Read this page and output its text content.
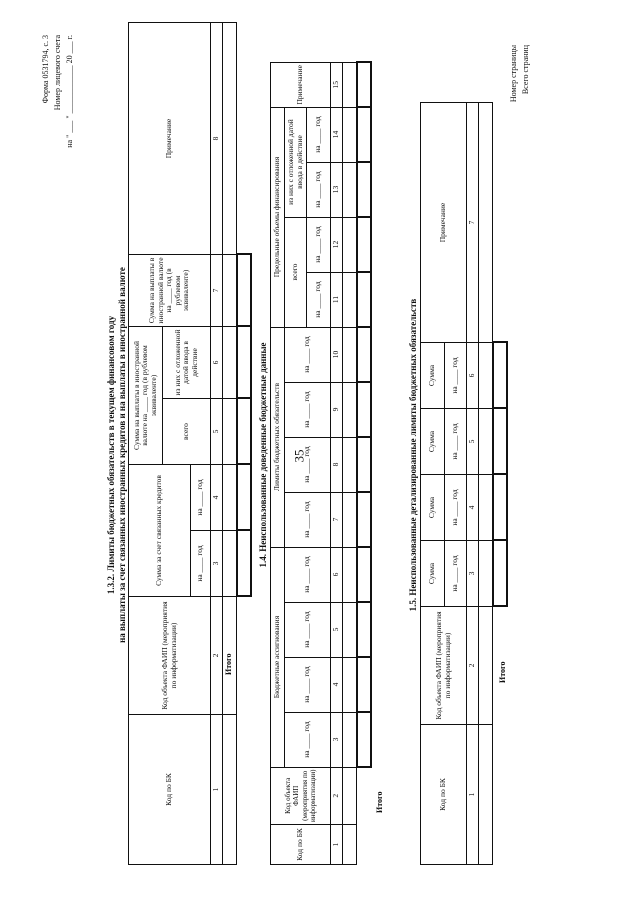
35
Форма 0531794, с. 3 Номер лицевого счета на " ___ " ____________ 20 ___ г.
1.3.2. Лимиты бюджетных обязательств в текущем финансовом году на выплаты за счет связанных иностранных кредитов и на выплаты в иностранной валюте
Код по БК	Код объекта ФАИП (мероприятия по информатизации)	Сумма за счет связанных кредитов		Сумма на выплаты в иностранной валюте на ____ год (в рублевом эквиваленте)		Сумма на выплаты в иностранной валюте на ____ год (в рублевом эквиваленте)	Примечание
				всего	из них с отложенной датой ввода в действие		
		на ____ год	на ____ год				
1	2	3	4	5	6	7	8

Итого
1.4. Неиспользованные доведенные бюджетные данные
Код по БК	Код объекта ФАИП (мероприятия по информатизации)	Бюджетные ассигнования				Лимиты бюджетных обязательств				Предельные объемы финансирования				Примечание
		на ____ год	на ____ год	на ____ год	на ____ год	на ____ год	на ____ год	на ____ год	на ____ год	всего		из них с отложенной датой ввода в действие		
										на ____ год	на ____ год	на ____ год	на ____ год	

1	2	3	4	5	6	7	8	9	10	11	12	13	14	15

Итого
1.5. Неиспользованные детализированные лимиты бюджетных обязательств
Код по БК	Код объекта ФАИП (мероприятия по информатизации)	Сумма	Сумма	Сумма	Сумма	Примечание
		на ____ год	на ____ год	на ____ год	на ____ год	
1	2	3	4	5	6	7

Итого
Номер страницы Всего страниц
